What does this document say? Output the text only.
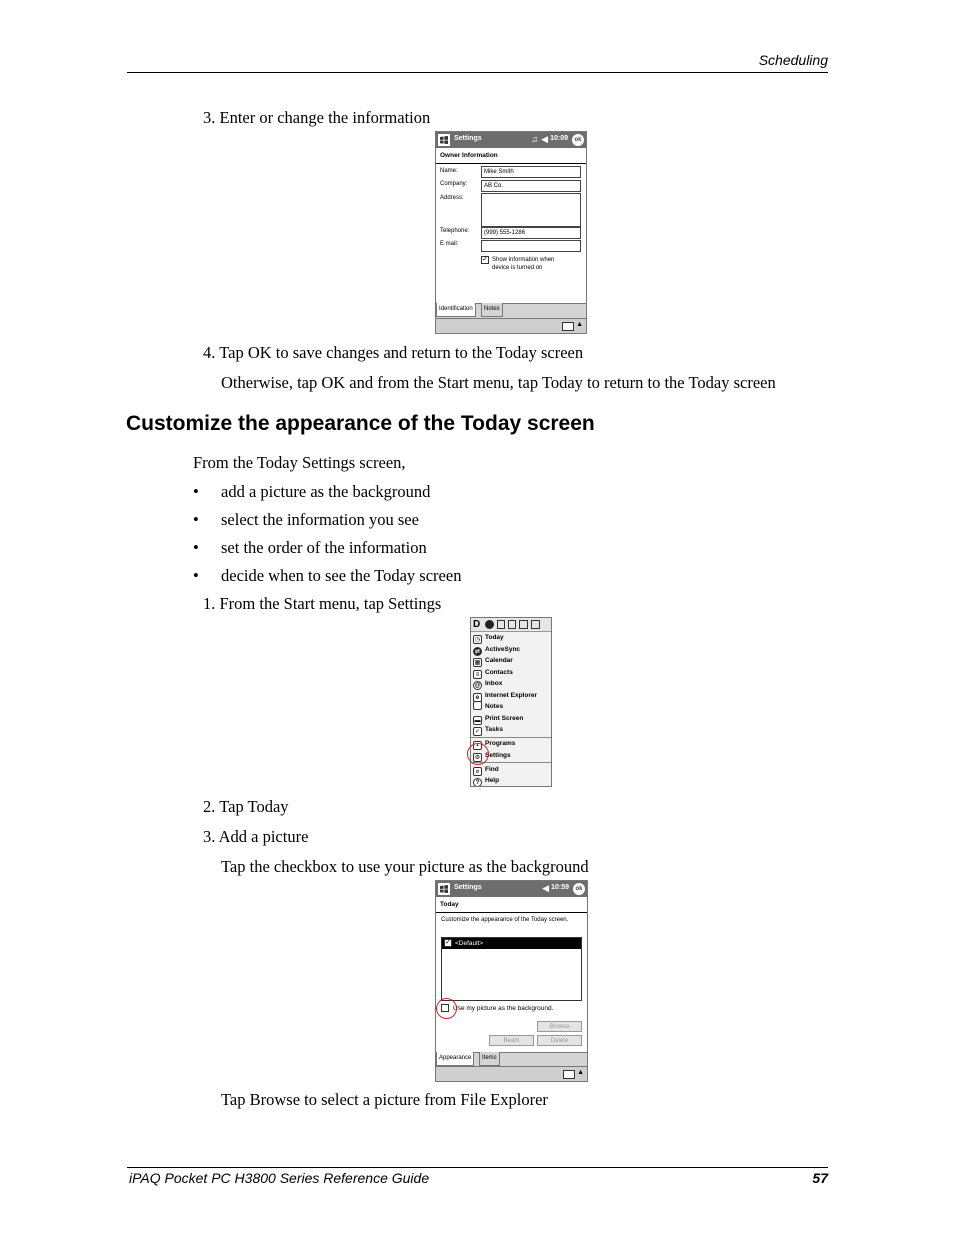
Scheduling
3. Enter or change the information
Settings	♫ ◀ 10:09	ok
Owner Information
Name:	Mike Smith
Company:	AB Co.
Address:
Telephone:	(999) 555-1286
E mail:
✓ Show information when
device is turned on
Identification	Notes
▲
4. Tap OK to save changes and return to the Today screen
Otherwise, tap OK and from the Start menu, tap Today to return to the Today screen
Customize the appearance of the Today screen
From the Today Settings screen,
• add a picture as the background
• select the information you see
• set the order of the information
• decide when to see the Today screen
1. From the Start menu, tap Settings
D
◷ Today
⇄ ActiveSync
▦ Calendar
≡ Contacts
@ Inbox
e Internet Explorer
Notes
▬ Print Screen
✓ Tasks
▪ Programs
⚙ Settings
⌕ Find
? Help
2. Tap Today
3. Add a picture
Tap the checkbox to use your picture as the background
Settings	◀ 10:59	ok
Today
Customize the appearance of the Today screen.
✓ <Default>
Use my picture as the background.
Browse
Beam	Delete
Appearance	Items
▲
Tap Browse to select a picture from File Explorer
iPAQ Pocket PC H3800 Series Reference Guide	57
